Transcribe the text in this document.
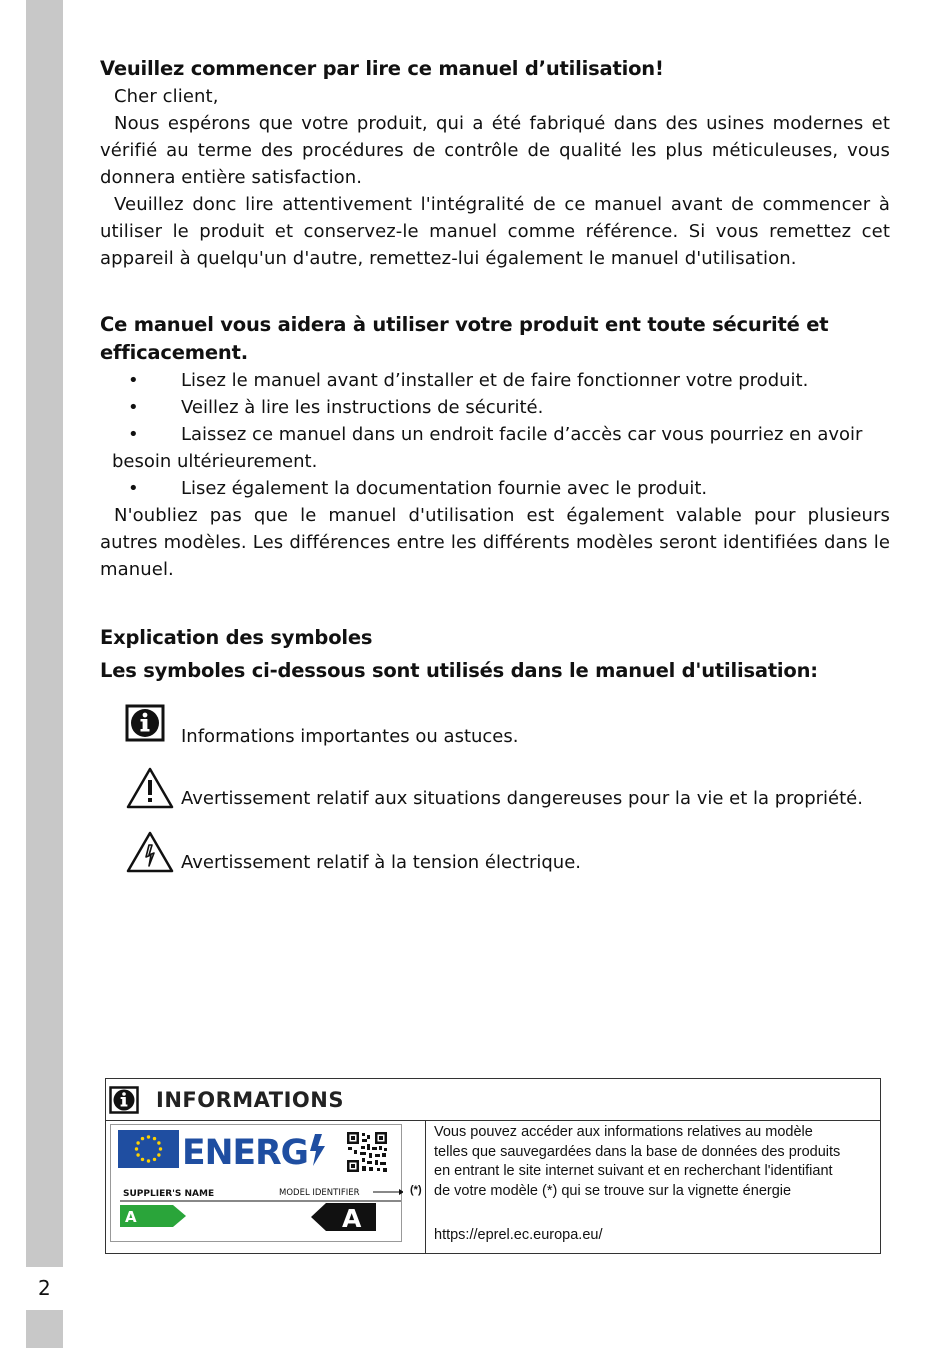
2
Veuillez commencer par lire ce manuel d’utilisation!
Cher client,
Nous espérons que votre produit, qui a été fabriqué dans des usines modernes et vérifié au terme des procédures de contrôle de qualité les plus méticuleuses, vous donnera entière satisfaction.
Veuillez donc lire attentivement l'intégralité de ce manuel avant de commencer à utiliser le produit et conservez-le manuel comme référence. Si vous remettez cet appareil à quelqu'un d'autre, remettez-lui également le manuel d'utilisation.
Ce manuel vous aidera à utiliser votre produit ent toute sécurité et efficacement.
• Lisez le manuel avant d’installer et de faire fonctionner votre produit.
• Veillez à lire les instructions de sécurité.
• Laissez ce manuel dans un endroit facile d’accès car vous pourriez en avoir besoin ultérieurement.
• Lisez également la documentation fournie avec le produit.
N'oubliez pas que le manuel d'utilisation est également valable pour plusieurs autres modèles. Les différences entre les différents modèles seront identifiées dans le manuel.
Explication des symboles
Les symboles ci-dessous sont utilisés dans le manuel d'utilisation:
Informations importantes ou astuces.
Avertissement relatif aux situations dangereuses pour la vie et la propriété.
Avertissement relatif à la tension électrique.
INFORMATIONS
ENERG
SUPPLIER'S NAME	MODEL IDENTIFIER
A	A
(*)
Vous pouvez accéder aux informations relatives au modèle telles que sauvegardées dans la base de données des produits en entrant le site internet suivant et en recherchant l'identifiant de votre modèle (*) qui se trouve sur la vignette énergie
https://eprel.ec.europa.eu/
